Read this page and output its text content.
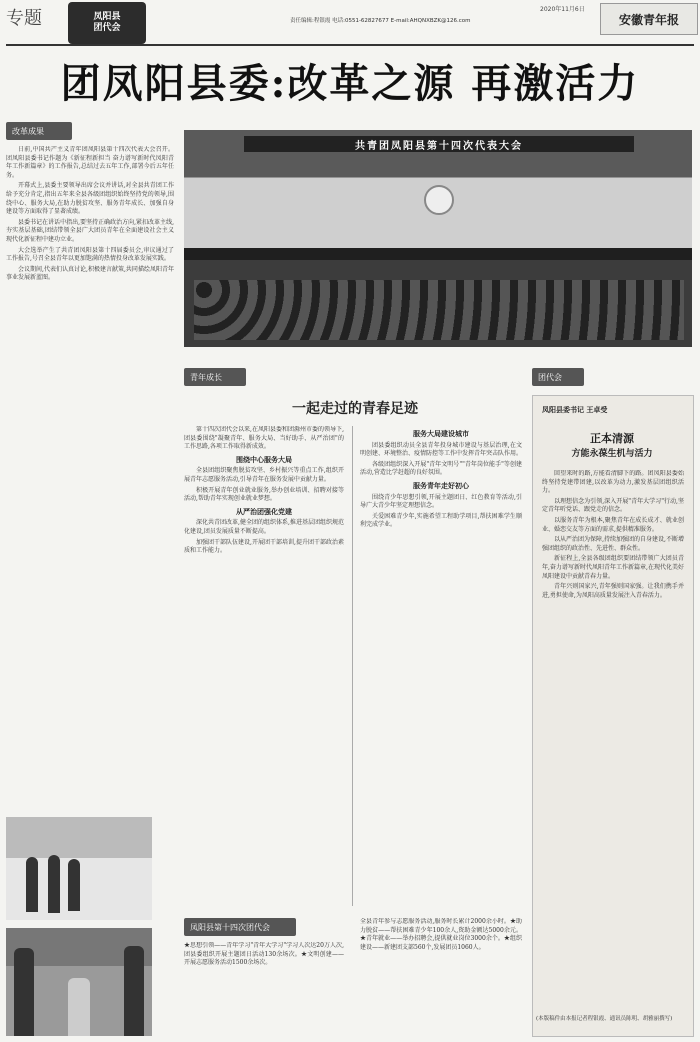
专题	凤阳县
团代会
2020年11月6日
责任编辑:程银霞 电话:0551-62827677 E-mail:AHQNXBZK@126.com	安徽青年报
团凤阳县委:改革之源 再激活力
改革成果

日前,中国共产主义青年团凤阳县第十四次代表大会召开。团凤阳县委书记作题为《新征程新担当 奋力谱写新时代凤阳青年工作新篇章》的工作报告,总结过去五年工作,部署今后五年任务。

开幕式上,县委主要领导出席会议并讲话,对全县共青团工作给予充分肯定,指出五年来全县各级团组织始终坚持党的领导,围绕中心、服务大局,在助力脱贫攻坚、服务青年成长、加强自身建设等方面取得了显著成绩。

县委书记在讲话中指出,要坚持正确政治方向,紧扣改革主线,夯实基层基础,团结带领全县广大团员青年在全面建设社会主义现代化新征程中建功立业。

大会选举产生了共青团凤阳县第十四届委员会,审议通过了工作报告,号召全县青年以更加饱满的热情投身改革发展实践。

会议期间,代表们认真讨论,积极建言献策,共同描绘凤阳青年事业发展新蓝图。

共青团凤阳县第十四次代表大会
青年成长
一起走过的青春足迹

第十四次团代会以来,在凤阳县委和团滁州市委的领导下,团县委围绕"凝聚青年、服务大局、当好助手、从严治团"的工作思路,各项工作取得新成效。

围绕中心服务大局

全县团组织聚焦脱贫攻坚、乡村振兴等重点工作,组织开展青年志愿服务活动,引导青年在服务发展中贡献力量。

积极开展青年创业就业服务,举办创业培训、招聘对接等活动,帮助青年实现创业就业梦想。

从严治团强化党建

深化共青团改革,健全团的组织体系,推进基层团组织规范化建设,团员发展质量不断提高。

加强团干部队伍建设,开展团干部培训,提升团干部政治素质和工作能力。

服务大局建设城市

团县委组织动员全县青年投身城市建设与基层治理,在文明创建、环境整治、疫情防控等工作中发挥青年突击队作用。

各级团组织深入开展"青年文明号""青年岗位能手"等创建活动,营造比学赶超的良好氛围。

服务青年走好初心

围绕青少年思想引领,开展主题团日、红色教育等活动,引导广大青少年坚定理想信念。

关爱困难青少年,实施希望工程助学项目,帮扶困难学生顺利完成学业。

凤阳县第十四次团代会
★思想引领——青年学习"青年大学习"学习人次达20万人次,团县委组织开展主题团日活动130余场次。★文明创建——开展志愿服务活动1500余场次。
全县青年参与志愿服务活动,服务时长累计2000余小时。★助力脱贫——帮扶困难青少年100余人,资助金额达5000余元。★青年就业——举办招聘会,提供就业岗位3000余个。★组织建设——新建团支部560个,发展团员1060人。
团代会
凤阳县委书记 王卓受
正本清源
方能永葆生机与活力

回望来时的路,方能看清脚下的路。团凤阳县委始终坚持党建带团建,以改革为动力,激发基层团组织活力。

以理想信念为引领,深入开展"青年大学习"行动,坚定青年听党话、跟党走的信念。

以服务青年为根本,聚焦青年在成长成才、就业创业、婚恋交友等方面的需求,提供精准服务。

以从严治团为保障,持续加强团的自身建设,不断增强团组织的政治性、先进性、群众性。

新征程上,全县各级团组织要团结带领广大团员青年,奋力谱写新时代凤阳青年工作新篇章,在现代化美好凤阳建设中贡献青春力量。

青年兴则国家兴,青年强则国家强。让我们携手并进,勇担使命,为凤阳高质量发展注入青春活力。

(本版稿件由本报记者程银霞、通讯员陈明、胡雅丽撰写)
